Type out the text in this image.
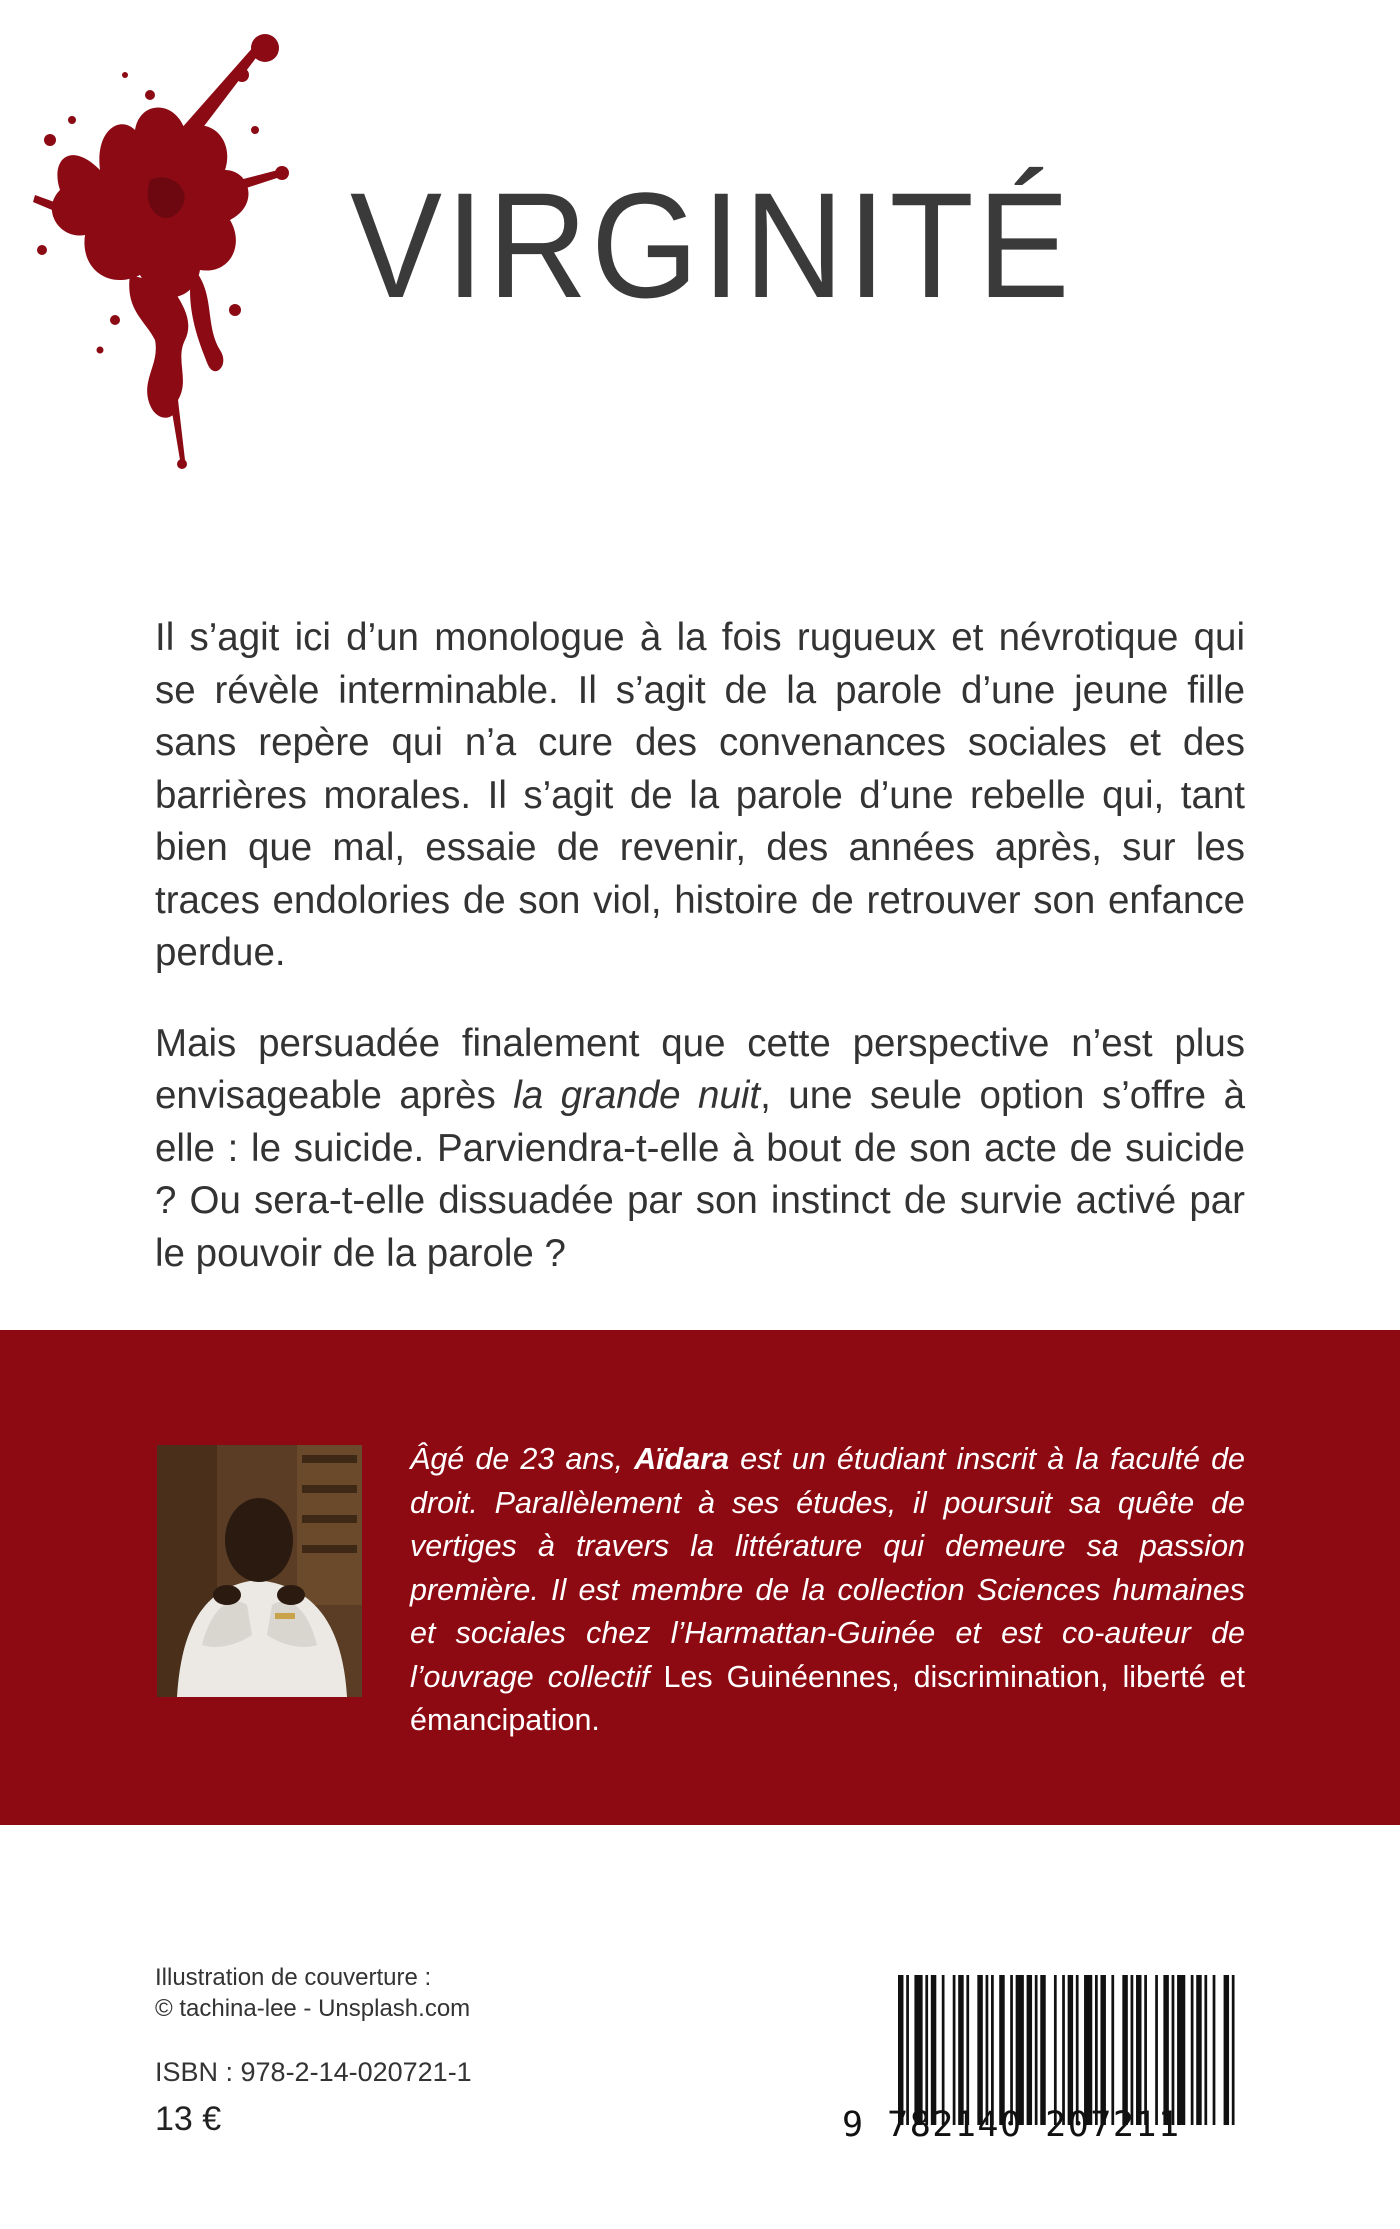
VIRGINITÉ

Il s’agit ici d’un monologue à la fois rugueux et névrotique qui se révèle interminable. Il s’agit de la parole d’une jeune fille sans repère qui n’a cure des convenances sociales et des barrières morales. Il s’agit de la parole d’une rebelle qui, tant bien que mal, essaie de revenir, des années après, sur les traces endolories de son viol, histoire de retrouver son enfance perdue.

Mais persuadée finalement que cette perspective n’est plus envisageable après la grande nuit, une seule option s’offre à elle : le suicide. Parviendra-t-elle à bout de son acte de suicide ? Ou sera-t-elle dissuadée par son instinct de survie activé par le pouvoir de la parole ?

Âgé de 23 ans, Aïdara est un étudiant inscrit à la faculté de droit. Parallèlement à ses études, il poursuit sa quête de vertiges à travers la littérature qui demeure sa passion première. Il est membre de la collection Sciences humaines et sociales chez l’Harmattan-Guinée et est co-auteur de l’ouvrage collectif Les Guinéennes, discrimination, liberté et émancipation.
Illustration de couverture :
© tachina-lee - Unsplash.com
ISBN : 978-2-14-020721-1
13 €	9 782140 207211
